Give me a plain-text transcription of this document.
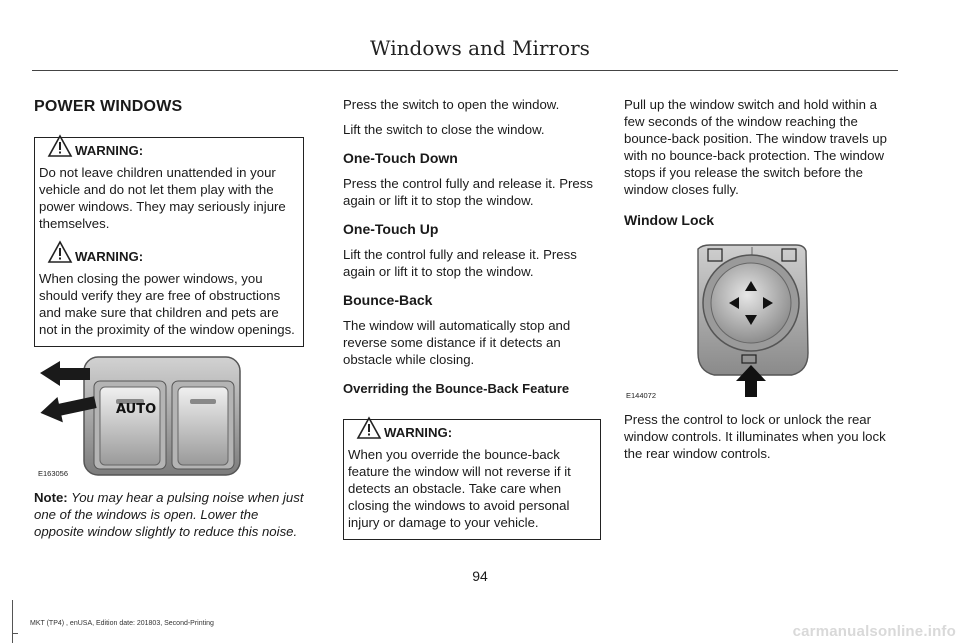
Windows and Mirrors
POWER WINDOWS

WARNING:
Do not leave children unattended in your vehicle and do not let them play with the power windows. They may seriously injure themselves.

WARNING:
When closing the power windows, you should verify they are free of obstructions and make sure that children and pets are not in the proximity of the window openings.

AUTO
E163056

Note: You may hear a pulsing noise when just one of the windows is open. Lower the opposite window slightly to reduce this noise.

Press the switch to open the window.

Lift the switch to close the window.

One-Touch Down

Press the control fully and release it. Press again or lift it to stop the window.

One-Touch Up

Lift the control fully and release it. Press again or lift it to stop the window.

Bounce-Back

The window will automatically stop and reverse some distance if it detects an obstacle while closing.

Overriding the Bounce-Back Feature

WARNING:
When you override the bounce-back feature the window will not reverse if it detects an obstacle. Take care when closing the windows to avoid personal injury or damage to your vehicle.

Pull up the window switch and hold within a few seconds of the window reaching the bounce-back position. The window travels up with no bounce-back protection. The window stops if you release the switch before the window closes fully.

Window Lock
E144072

Press the control to lock or unlock the rear window controls. It illuminates when you lock the rear window controls.

94
MKT (TP4) , enUSA, Edition date: 201803, Second-Printing	carmanualsonline.info
